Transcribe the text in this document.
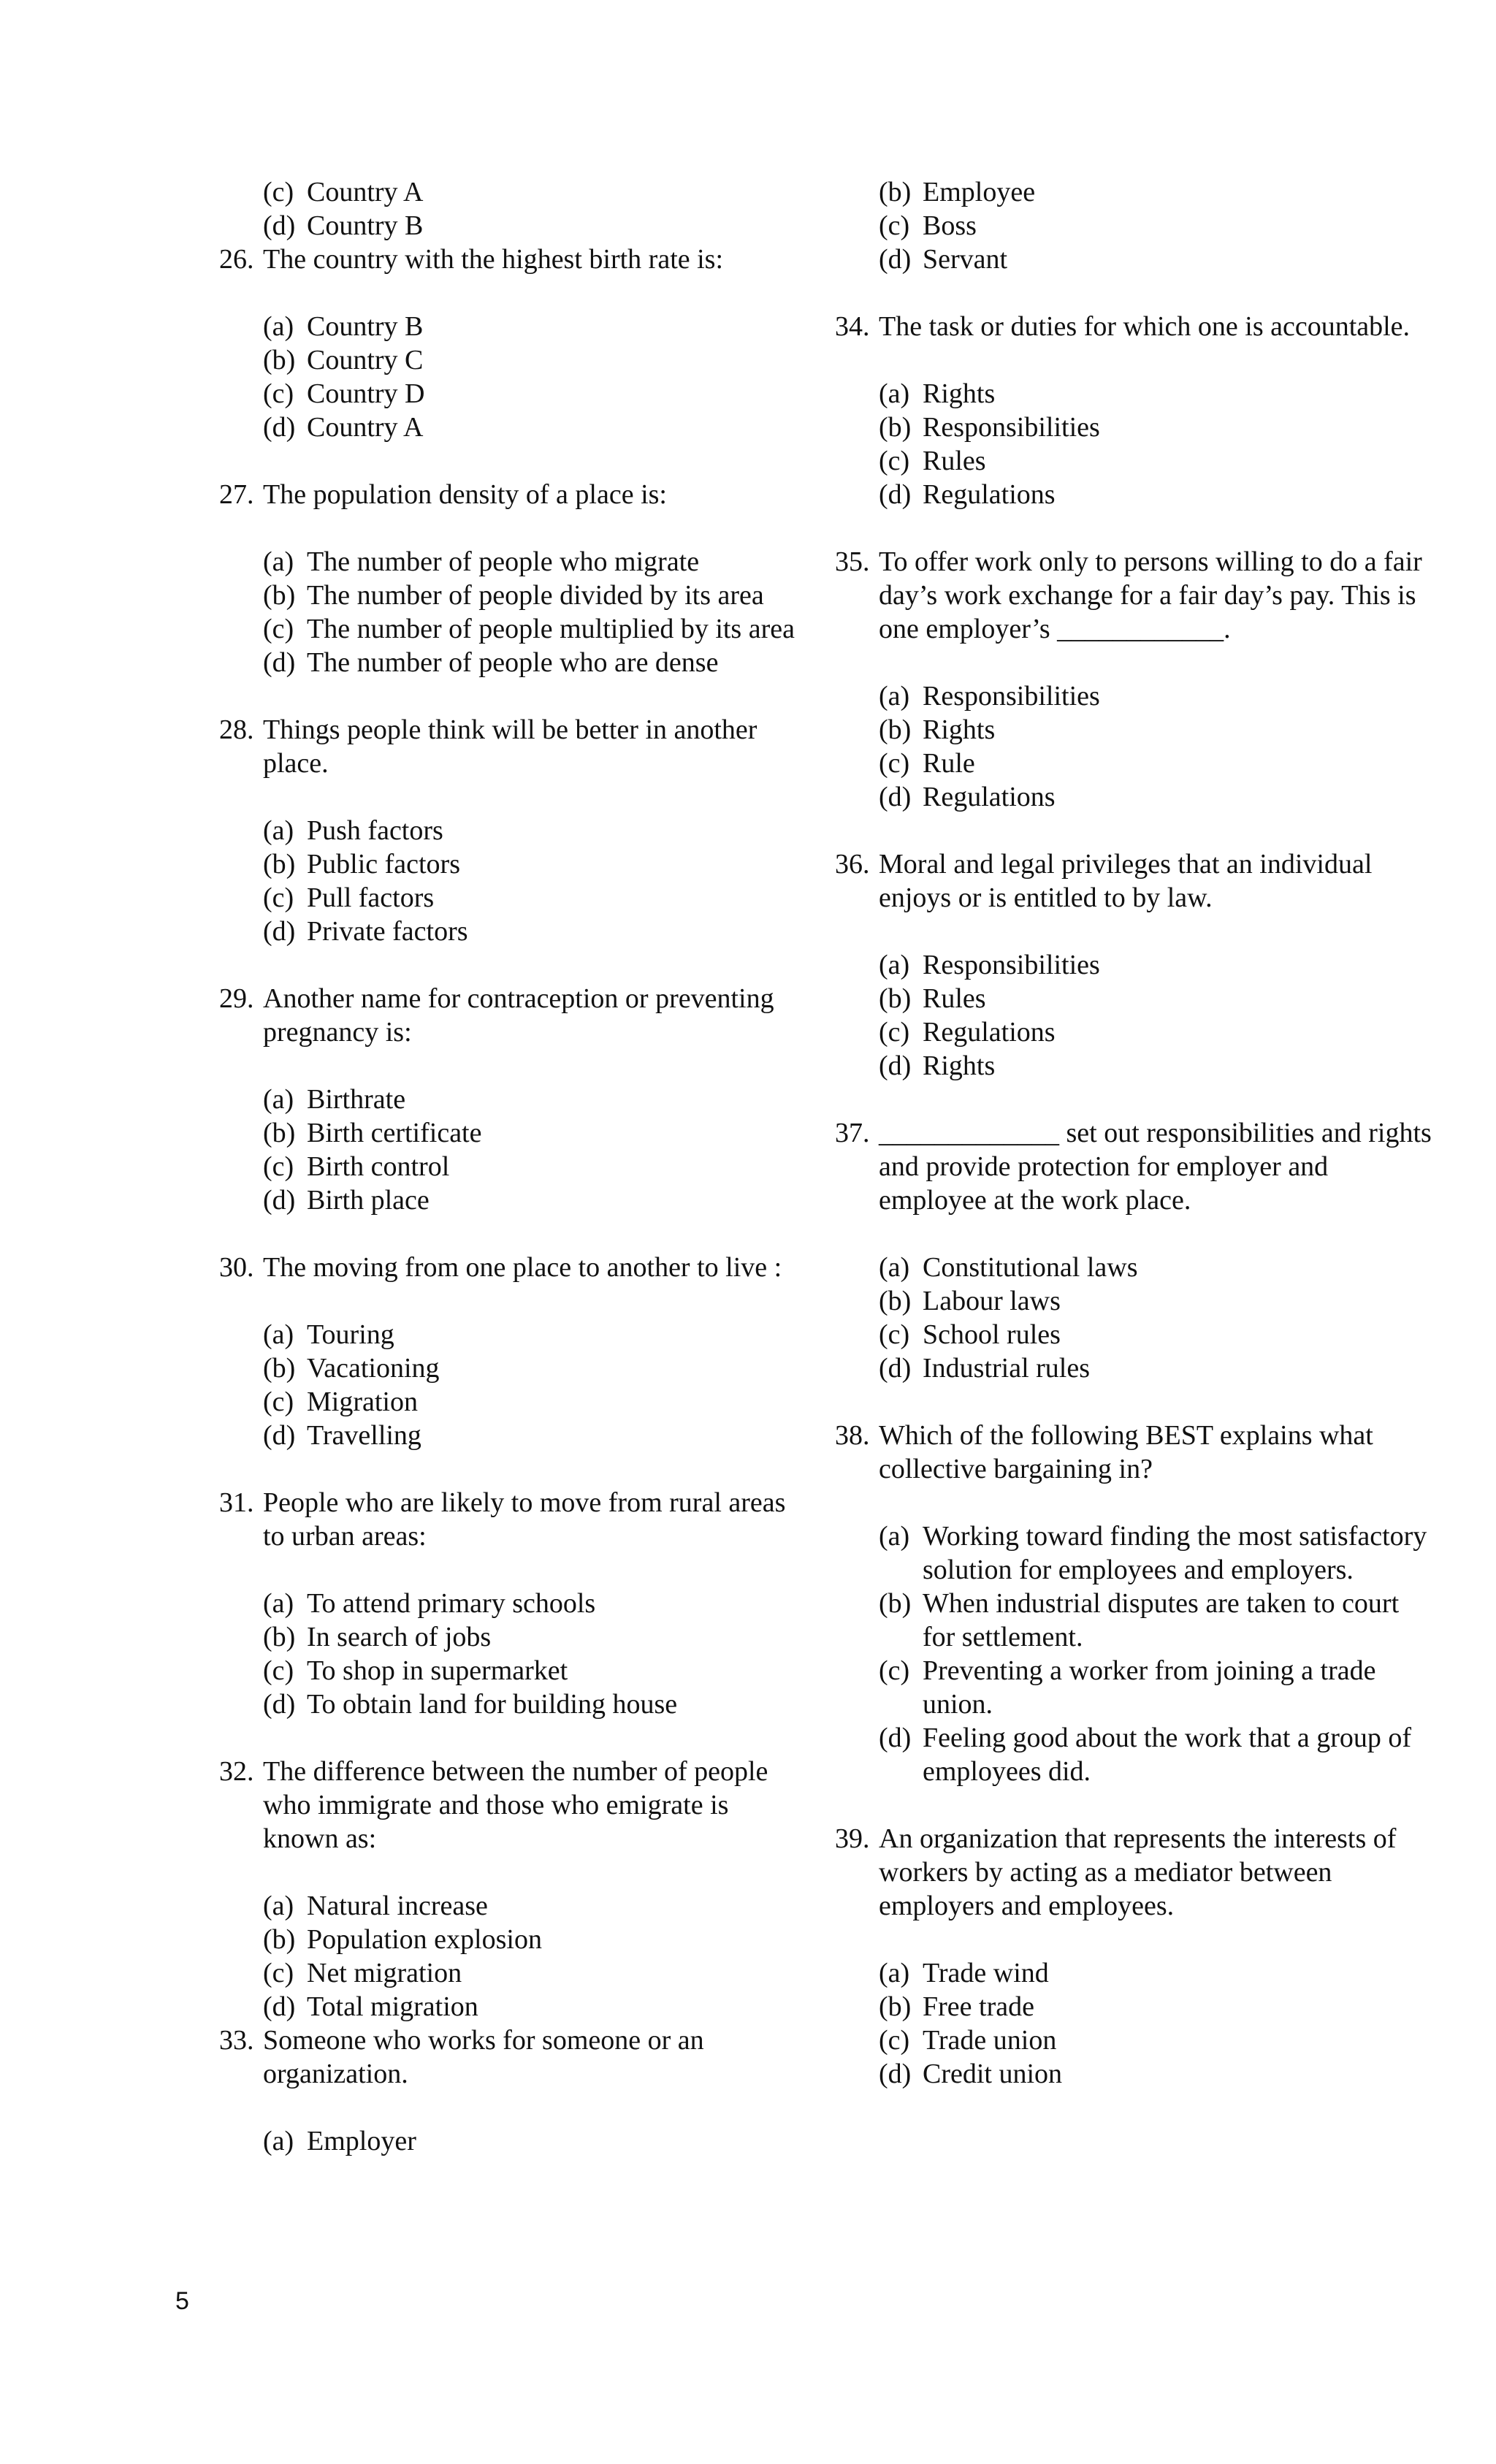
(c) Country A
(d) Country B
26. The country with the highest birth rate is:
(a) Country B
(b) Country C
(c) Country D
(d) Country A
27. The population density of a place is:
(a) The number of people who migrate
(b) The number of people divided by its area
(c) The number of people multiplied by its area
(d) The number of people who are dense
28. Things people think will be better in another place.
(a) Push factors
(b) Public factors
(c) Pull factors
(d) Private factors
29. Another name for contraception or preventing pregnancy is:
(a) Birthrate
(b) Birth certificate
(c) Birth control
(d) Birth place
30. The moving from one place to another to live :
(a) Touring
(b) Vacationing
(c) Migration
(d) Travelling
31. People who are likely to move from rural areas to urban areas:
(a) To attend primary schools
(b) In search of jobs
(c) To shop in supermarket
(d) To obtain land for building house
32. The difference between the number of people who immigrate and those who emigrate is known as:
(a) Natural increase
(b) Population explosion
(c) Net migration
(d) Total migration
33. Someone who works for someone or an organization.
(a) Employer
(b) Employee
(c) Boss
(d) Servant
34. The task or duties for which one is accountable.
(a) Rights
(b) Responsibilities
(c) Rules
(d) Regulations
35. To offer work only to persons willing to do a fair day’s work exchange for a fair day’s pay. This is one employer’s ____________.
(a) Responsibilities
(b) Rights
(c) Rule
(d) Regulations
36. Moral and legal privileges that an individual enjoys or is entitled to by law.
(a) Responsibilities
(b) Rules
(c) Regulations
(d) Rights
37. _____________ set out responsibilities and rights and provide protection for employer and employee at the work place.
(a) Constitutional laws
(b) Labour laws
(c) School rules
(d) Industrial rules
38. Which of the following BEST explains what collective bargaining in?
(a) Working toward finding the most satisfactory solution for employees and employers.
(b) When industrial disputes are taken to court for settlement.
(c) Preventing a worker from joining a trade union.
(d) Feeling good about the work that a group of employees did.
39. An organization that represents the interests of workers by acting as a mediator between employers and employees.
(a) Trade wind
(b) Free trade
(c) Trade union
(d) Credit union
5
